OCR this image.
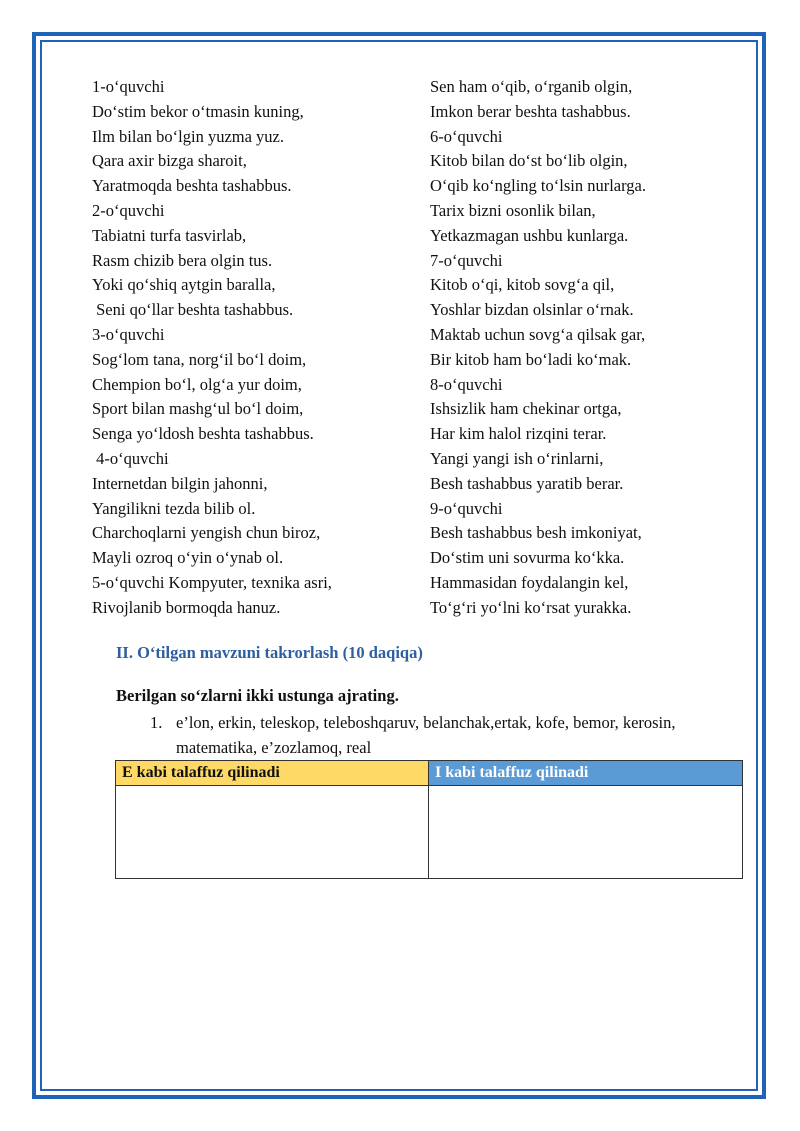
1-o‘quvchi
Do‘stim bekor o‘tmasin kuning,
Ilm bilan bo‘lgin yuzma yuz.
Qara axir bizga sharoit,
Yaratmoqda beshta tashabbus.
2-o‘quvchi
Tabiatni turfa tasvirlab,
Rasm chizib bera olgin tus.
Yoki qo‘shiq aytgin baralla,
Seni qo‘llar beshta tashabbus.
3-o‘quvchi
Sog‘lom tana, norg‘il bo‘l doim,
Chempion bo‘l, olg‘a yur doim,
Sport bilan mashg‘ul bo‘l doim,
Senga yo‘ldosh beshta tashabbus.
4-o‘quvchi
Internetdan bilgin jahonni,
Yangilikni tezda bilib ol.
Charchoqlarni yengish chun biroz,
Mayli ozroq o‘yin o‘ynab ol.
5-o‘quvchi Kompyuter, texnika asri,
Rivojlanib bormoqda hanuz.
Sen ham o‘qib, o‘rganib olgin,
Imkon berar beshta tashabbus.
6-o‘quvchi
Kitob bilan do‘st bo‘lib olgin,
O‘qib ko‘ngling to‘lsin nurlarga.
Tarix bizni osonlik bilan,
Yetkazmagan ushbu kunlarga.
7-o‘quvchi
Kitob o‘qi, kitob sovg‘a qil,
Yoshlar bizdan olsinlar o‘rnak.
Maktab uchun sovg‘a qilsak gar,
Bir kitob ham bo‘ladi ko‘mak.
8-o‘quvchi
Ishsizlik ham chekinar ortga,
Har kim halol rizqini terar.
Yangi yangi ish o‘rinlarni,
Besh tashabbus yaratib berar.
9-o‘quvchi
Besh tashabbus besh imkoniyat,
Do‘stim uni sovurma ko‘kka.
Hammasidan foydalangin kel,
To‘g‘ri yo‘lni ko‘rsat yurakka.
II. O‘tilgan mavzuni takrorlash (10 daqiqa)
Berilgan so‘zlarni ikki ustunga ajrating.
1. e’lon, erkin, teleskop, teleboshqaruv, belanchak,ertak, kofe, bemor, kerosin, matematika, e’zozlamoq, real
E kabi talaffuz qilinadi	I kabi talaffuz qilinadi
